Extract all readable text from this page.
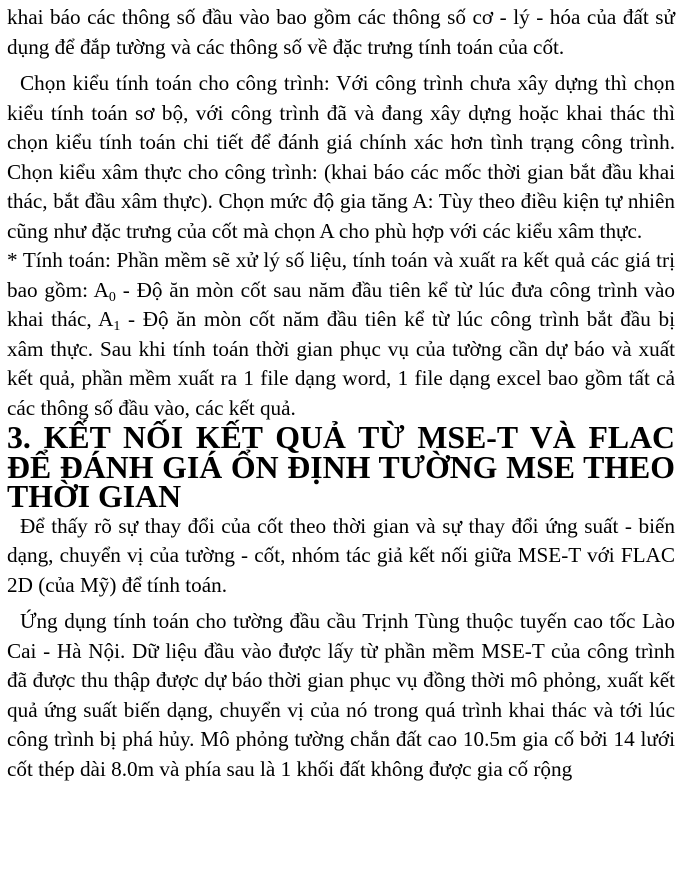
khai báo các thông số đầu vào bao gồm các thông số cơ - lý - hóa của đất sử dụng để đắp tường và các thông số về đặc trưng tính toán của cốt.

Chọn kiểu tính toán cho công trình: Với công trình chưa xây dựng thì chọn kiểu tính toán sơ bộ, với công trình đã và đang xây dựng hoặc khai thác thì chọn kiểu tính toán chi tiết để đánh giá chính xác hơn tình trạng công trình. Chọn kiểu xâm thực cho công trình: (khai báo các mốc thời gian bắt đầu khai thác, bắt đầu xâm thực). Chọn mức độ gia tăng A: Tùy theo điều kiện tự nhiên cũng như đặc trưng của cốt mà chọn A cho phù hợp với các kiểu xâm thực.

* Tính toán: Phần mềm sẽ xử lý số liệu, tính toán và xuất ra kết quả các giá trị bao gồm: $A_0$ - Độ ăn mòn cốt sau năm đầu tiên kể từ lúc đưa công trình vào khai thác, $A_1$ - Độ ăn mòn cốt năm đầu tiên kể từ lúc công trình bắt đầu bị xâm thực. Sau khi tính toán thời gian phục vụ của tường cần dự báo và xuất kết quả, phần mềm xuất ra 1 file dạng word, 1 file dạng excel bao gồm tất cả các thông số đầu vào, các kết quả.

3. KẾT NỐI KẾT QUẢ TỪ MSE-T VÀ FLAC ĐỂ ĐÁNH GIÁ ỔN ĐỊNH TƯỜNG MSE THEO THỜI GIAN

Để thấy rõ sự thay đổi của cốt theo thời gian và sự thay đổi ứng suất - biến dạng, chuyển vị của tường - cốt, nhóm tác giả kết nối giữa MSE-T với FLAC 2D (của Mỹ) để tính toán.

Ứng dụng tính toán cho tường đầu cầu Trịnh Tùng thuộc tuyến cao tốc Lào Cai - Hà Nội. Dữ liệu đầu vào được lấy từ phần mềm MSE-T của công trình đã được thu thập được dự báo thời gian phục vụ đồng thời mô phỏng, xuất kết quả ứng suất biến dạng, chuyển vị của nó trong quá trình khai thác và tới lúc công trình bị phá hủy. Mô phỏng tường chắn đất cao 10.5m gia cố bởi 14 lưới cốt thép dài 8.0m và phía sau là 1 khối đất không được gia cố rộng
